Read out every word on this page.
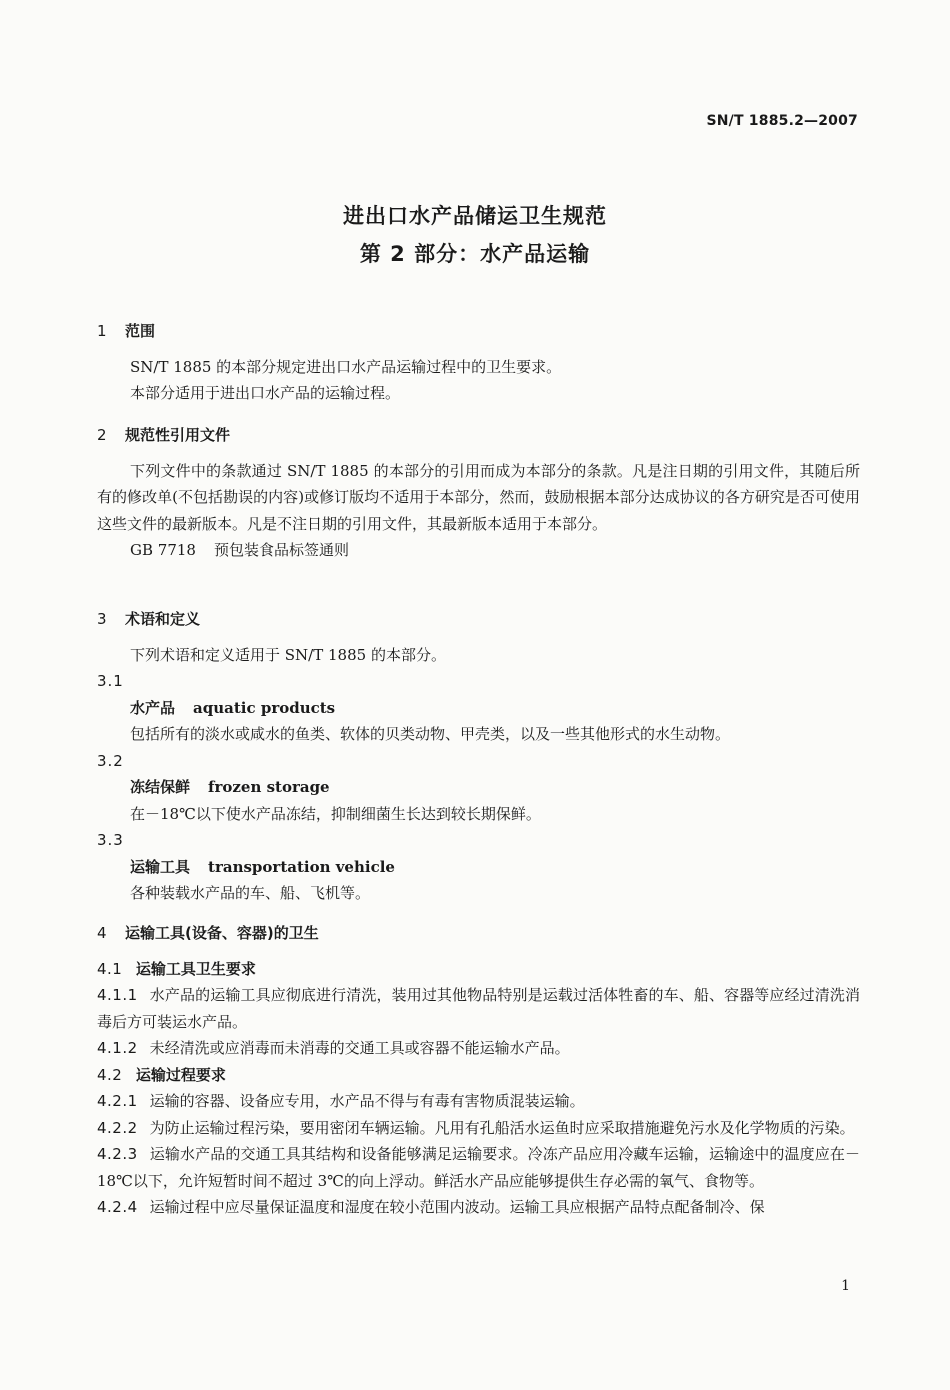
SN/T 1885.2—2007
进出口水产品储运卫生规范
第 2 部分：水产品运输
1 范围
SN/T 1885 的本部分规定进出口水产品运输过程中的卫生要求。
本部分适用于进出口水产品的运输过程。
2 规范性引用文件
下列文件中的条款通过 SN/T 1885 的本部分的引用而成为本部分的条款。凡是注日期的引用文件，其随后所有的修改单(不包括勘误的内容)或修订版均不适用于本部分，然而，鼓励根据本部分达成协议的各方研究是否可使用这些文件的最新版本。凡是不注日期的引用文件，其最新版本适用于本部分。
GB 7718 预包装食品标签通则
3 术语和定义
下列术语和定义适用于 SN/T 1885 的本部分。
3.1
水产品 aquatic products
包括所有的淡水或咸水的鱼类、软体的贝类动物、甲壳类，以及一些其他形式的水生动物。
3.2
冻结保鲜 frozen storage
在－18℃以下使水产品冻结，抑制细菌生长达到较长期保鲜。
3.3
运输工具 transportation vehicle
各种装载水产品的车、船、飞机等。
4 运输工具(设备、容器)的卫生
4.1 运输工具卫生要求
4.1.1 水产品的运输工具应彻底进行清洗，装用过其他物品特别是运载过活体牲畜的车、船、容器等应经过清洗消毒后方可装运水产品。
4.1.2 未经清洗或应消毒而未消毒的交通工具或容器不能运输水产品。
4.2 运输过程要求
4.2.1 运输的容器、设备应专用，水产品不得与有毒有害物质混装运输。
4.2.2 为防止运输过程污染，要用密闭车辆运输。凡用有孔船活水运鱼时应采取措施避免污水及化学物质的污染。
4.2.3 运输水产品的交通工具其结构和设备能够满足运输要求。冷冻产品应用冷藏车运输，运输途中的温度应在－18℃以下，允许短暂时间不超过 3℃的向上浮动。鲜活水产品应能够提供生存必需的氧气、食物等。
4.2.4 运输过程中应尽量保证温度和湿度在较小范围内波动。运输工具应根据产品特点配备制冷、保
1
